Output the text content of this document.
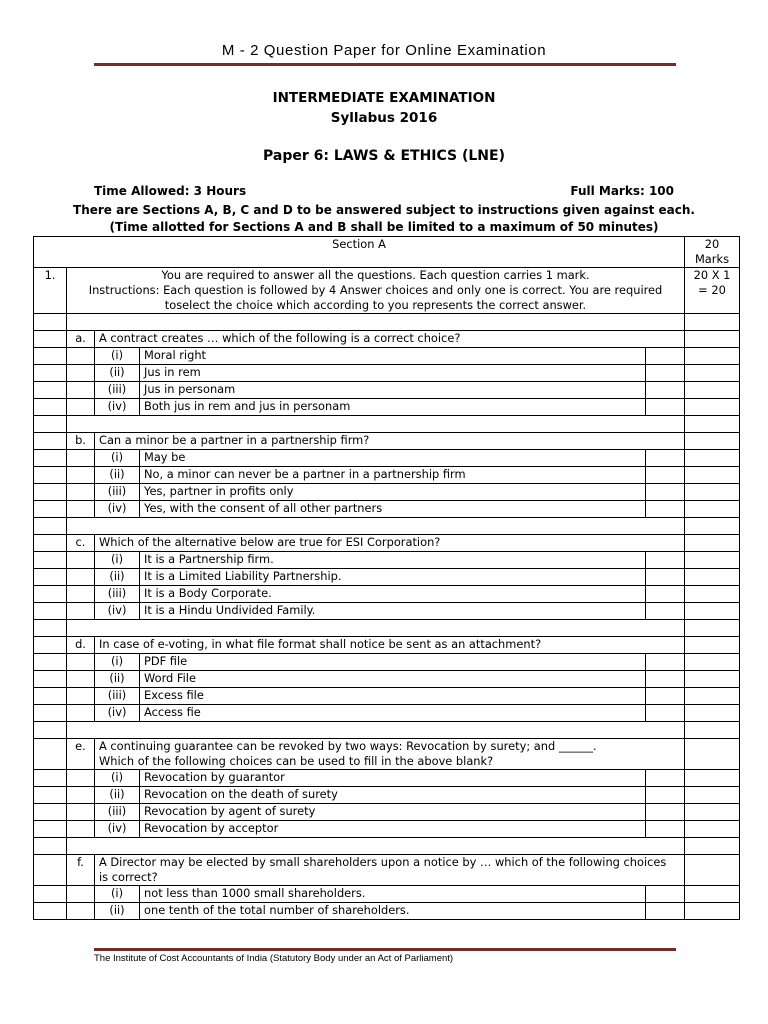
M - 2 Question Paper for Online Examination
INTERMEDIATE EXAMINATION
Syllabus 2016
Paper 6: LAWS & ETHICS (LNE)
Time Allowed: 3 Hours	Full Marks: 100
There are Sections A, B, C and D to be answered subject to instructions given against each.
(Time allotted for Sections A and B shall be limited to a maximum of 50 minutes)
Section A					20
Marks
1.	You are required to answer all the questions. Each question carries 1 mark.
Instructions: Each question is followed by 4 Answer choices and only one is correct. You are required
toselect the choice which according to you represents the correct answer.				20 X 1
= 20

	a.	A contract creates … which of the following is a correct choice?			
		(i)	Moral right		
		(ii)	Jus in rem		
		(iii)	Jus in personam		
		(iv)	Both jus in rem and jus in personam		

	b.	Can a minor be a partner in a partnership firm?			
		(i)	May be		
		(ii)	No, a minor can never be a partner in a partnership firm		
		(iii)	Yes, partner in profits only		
		(iv)	Yes, with the consent of all other partners		

	c.	Which of the alternative below are true for ESI Corporation?			
		(i)	It is a Partnership firm.		
		(ii)	It is a Limited Liability Partnership.		
		(iii)	It is a Body Corporate.		
		(iv)	It is a Hindu Undivided Family.		

	d.	In case of e-voting, in what file format shall notice be sent as an attachment?			
		(i)	PDF file		
		(ii)	Word File		
		(iii)	Excess file		
		(iv)	Access fie		

	e.	A continuing guarantee can be revoked by two ways: Revocation by surety; and ______.
Which of the following choices can be used to fill in the above blank?			
		(i)	Revocation by guarantor		
		(ii)	Revocation on the death of surety		
		(iii)	Revocation by agent of surety		
		(iv)	Revocation by acceptor		

	f.	A Director may be elected by small shareholders upon a notice by … which of the following choices
is correct?			
		(i)	not less than 1000 small shareholders.		
		(ii)	one tenth of the total number of shareholders.		
The Institute of Cost Accountants of India (Statutory Body under an Act of Parliament)
